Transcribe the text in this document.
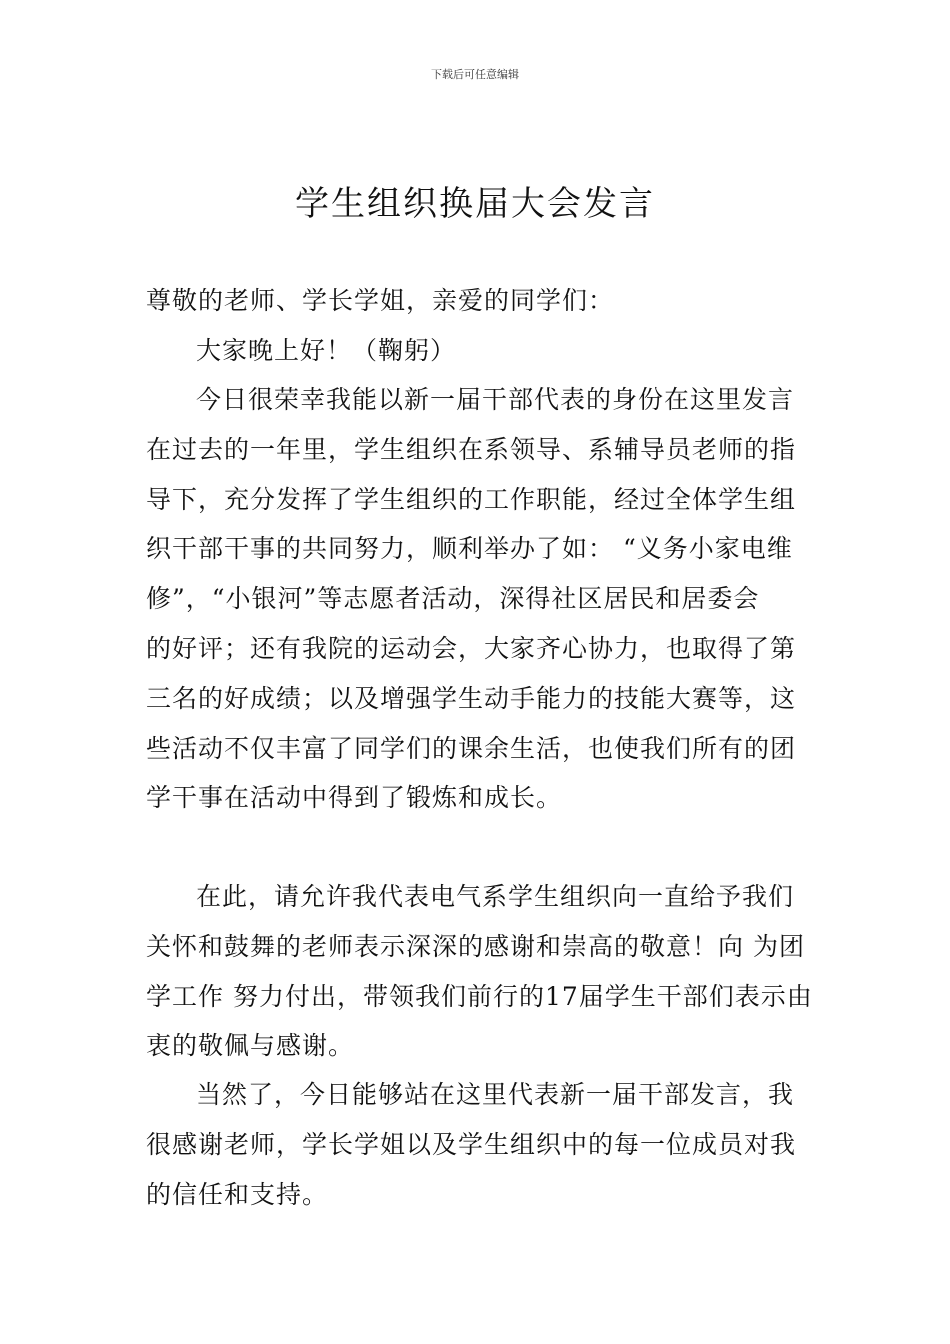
下载后可任意编辑
学生组织换届大会发言
尊敬的老师、学长学姐，亲爱的同学们：
大家晚上好！（鞠躬）
今日很荣幸我能以新一届干部代表的身份在这里发言
在过去的一年里，学生组织在系领导、系辅导员老师的指
导下，充分发挥了学生组织的工作职能，经过全体学生组
织干部干事的共同努力，顺利举办了如： “义务小家电维
修”，“小银河”等志愿者活动，深得社区居民和居委会
的好评；还有我院的运动会，大家齐心协力，也取得了第
三名的好成绩；以及增强学生动手能力的技能大赛等，这
些活动不仅丰富了同学们的课余生活，也使我们所有的团
学干事在活动中得到了锻炼和成长。
在此，请允许我代表电气系学生组织向一直给予我们
关怀和鼓舞的老师表示深深的感谢和崇高的敬意！向 为团
学工作 努力付出，带领我们前行的17届学生干部们表示由
衷的敬佩与感谢。
当然了，今日能够站在这里代表新一届干部发言，我
很感谢老师，学长学姐以及学生组织中的每一位成员对我
的信任和支持。
